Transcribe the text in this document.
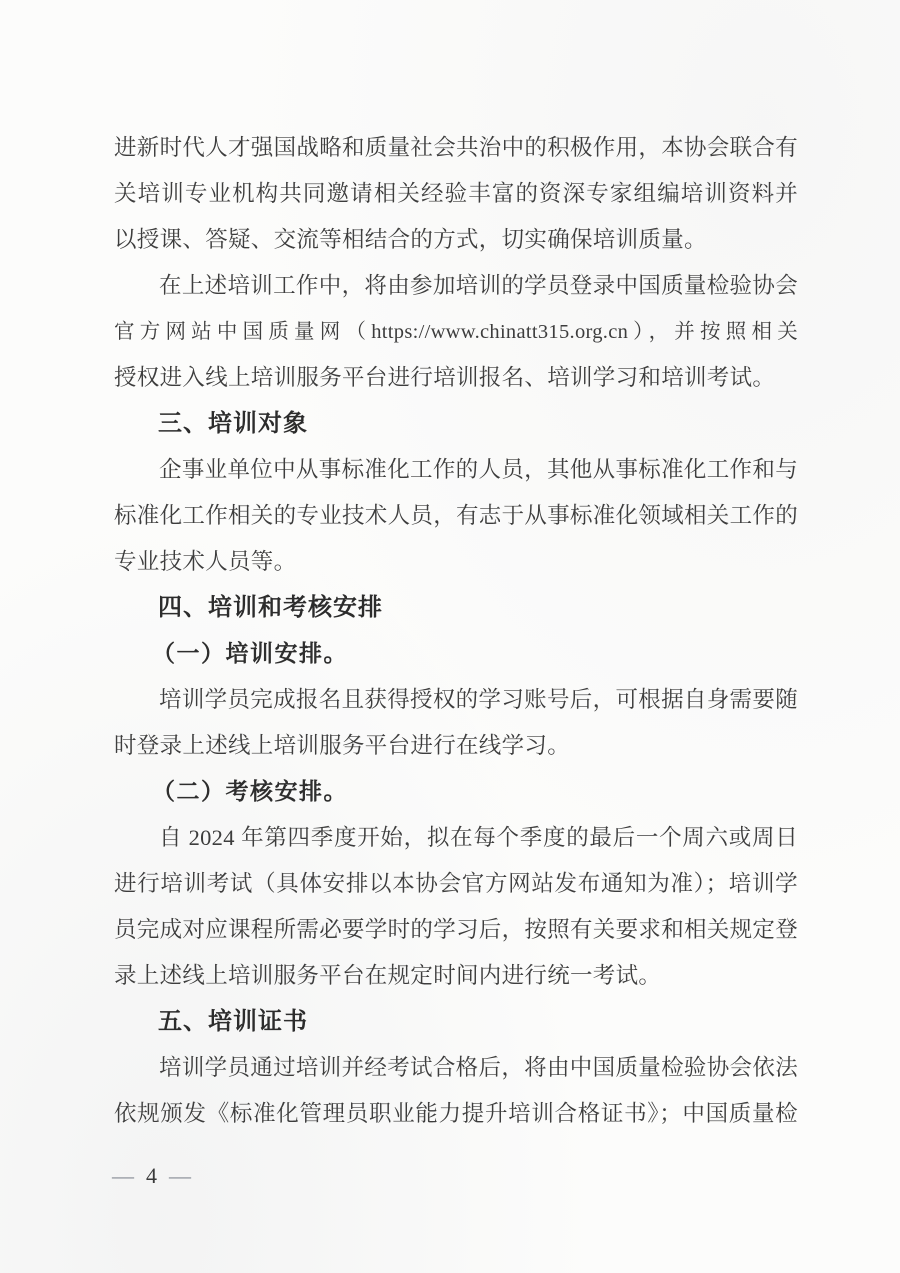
进新时代人才强国战略和质量社会共治中的积极作用，本协会联合有
关培训专业机构共同邀请相关经验丰富的资深专家组编培训资料并
以授课、答疑、交流等相结合的方式，切实确保培训质量。
在上述培训工作中，将由参加培训的学员登录中国质量检验协会
官方网站中国质量网（https://www.chinatt315.org.cn），并按照相关
授权进入线上培训服务平台进行培训报名、培训学习和培训考试。
三、培训对象
企事业单位中从事标准化工作的人员，其他从事标准化工作和与
标准化工作相关的专业技术人员，有志于从事标准化领域相关工作的
专业技术人员等。
四、培训和考核安排
（一）培训安排。
培训学员完成报名且获得授权的学习账号后，可根据自身需要随
时登录上述线上培训服务平台进行在线学习。
（二）考核安排。
自 2024 年第四季度开始，拟在每个季度的最后一个周六或周日
进行培训考试（具体安排以本协会官方网站发布通知为准）；培训学
员完成对应课程所需必要学时的学习后，按照有关要求和相关规定登
录上述线上培训服务平台在规定时间内进行统一考试。
五、培训证书
培训学员通过培训并经考试合格后，将由中国质量检验协会依法
依规颁发《标准化管理员职业能力提升培训合格证书》；中国质量检
— 4 —
